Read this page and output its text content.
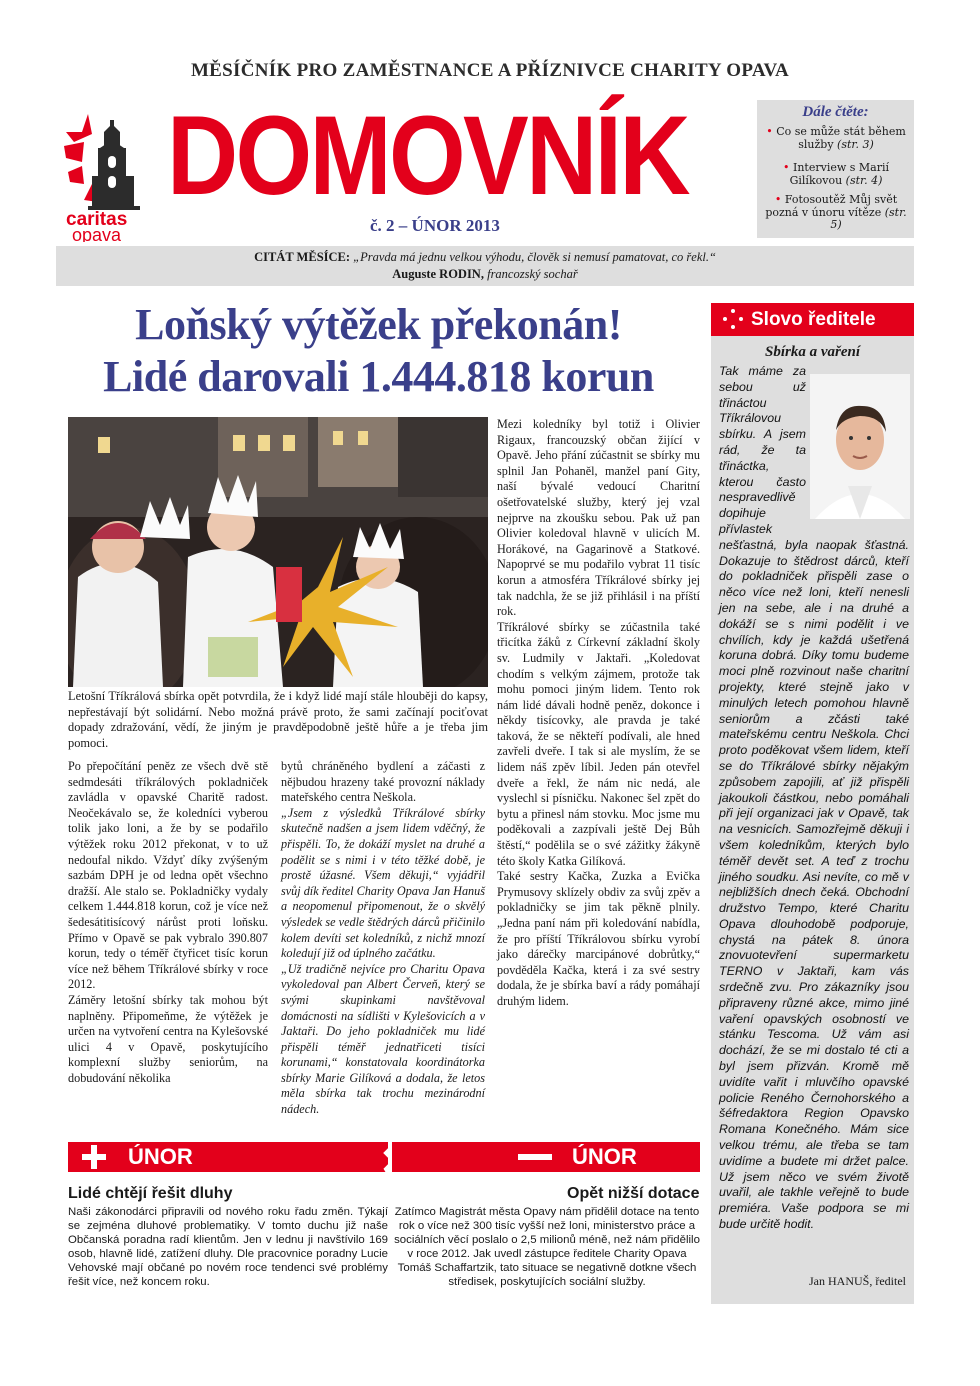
MĚSÍČNÍK PRO ZAMĚSTNANCE A PŘÍZNIVCE CHARITY OPAVA
caritas
opava
DOMOVNÍK
č. 2 – ÚNOR 2013
Dále čtěte:
• Co se může stát během služby (str. 3)
• Interview s Marií Gilíkovou (str. 4)
• Fotosoutěž Můj svět pozná v únoru vítěze (str. 5)
CITÁT MĚSÍCE: „Pravda má jednu velkou výhodu, člověk si nemusí pamatovat, co řekl.“
Auguste RODIN, francozský sochař
Loňský výtěžek překonán!
Lidé darovali 1.444.818 korun
Letošní Tříkrálová sbírka opět potvrdila, že i když lidé mají stále hlouběji do kapsy, nepřestávají být solidární. Nebo možná právě proto, že sami začínají pociťovat dopady zdražování, vědí, že jiným je pravděpodobně ještě hůře a je třeba jim pomoci.

Po přepočítání peněz ze všech dvě stě sedmdesáti tříkrálových pokladniček zavládla v opavské Charitě radost. Neočekávalo se, že koledníci vyberou tolik jako loni, a že by se podařilo výtěžek roku 2012 překonat, v to už nedoufal nikdo. Vždyť díky zvýšeným sazbám DPH je od ledna opět všechno dražší. Ale stalo se. Pokladničky vydaly celkem 1.444.818 korun, což je více než šedesátitisícový nárůst proti loňsku. Přímo v Opavě se pak vybralo 390.807 korun, tedy o téměř čtyřicet tisíc korun více než během Tříkrálové sbírky v roce 2012.

Záměry letošní sbírky tak mohou být naplněny. Připomeňme, že výtěžek je určen na vytvoření centra na Kylešovské ulici 4 v Opavě, poskytujícího komplexní služby seniorům, na dobudování několika

bytů chráněného bydlení a záčasti z nějbudou hrazeny také provozní náklady mateřského centra Neškola.

„Jsem z výsledků Tříkrálové sbírky skutečně nadšen a jsem lidem vděčný, že přispěli. To, že dokáží myslet na druhé a podělit se s nimi i v této těžké době, je prostě úžasné. Všem děkuji,“ vyjádřil svůj dík ředitel Charity Opava Jan Hanuš a neopomenul připomenout, že o skvělý výsledek se vedle štědrých dárců přičinilo kolem devíti set koledníků, z nichž mnozí koledují již od úplného začátku.

„Už tradičně nejvíce pro Charitu Opava vykoledoval pan Albert Červeň, který se svými skupinkami navštěvoval domácnosti na sídlišti v Kylešovicích a v Jaktaři. Do jeho pokladniček mu lidé přispěli téměř jednatřiceti tisíci korunami,“ konstatovala koordinátorka sbírky Marie Gilíková a dodala, že letos měla sbírka tak trochu mezinárodní nádech.

Mezi koledníky byl totiž i Olivier Rigaux, francouzský občan žijící v Opavě. Jeho přání zúčastnit se sbírky mu splnil Jan Pohaněl, manžel paní Gity, naší bývalé vedoucí Charitní ošetřovatelské služby, který jej vzal nejprve na zkoušku sebou. Pak už pan Olivier koledoval hlavně v ulicích M. Horákové, na Gagarinově a Statkové. Napoprvé se mu podařilo vybrat 11 tisíc korun a atmosféra Tříkrálové sbírky jej tak nadchla, že se již přihlásil i na příští rok.

Tříkrálové sbírky se zúčastnila také třicítka žáků z Církevní základní školy sv. Ludmily v Jaktaři. „Koledovat chodím s velkým zájmem, protože tak mohu pomoci jiným lidem. Tento rok nám lidé dávali hodně peněz, dokonce i někdy tisícovky, ale pravda je také taková, že se někteří podívali, ale hned zavřeli dveře. I tak si ale myslím, že se lidem náš zpěv líbil. Jeden pán otevřel dveře a řekl, že nám nic nedá, ale vyslechl si písničku. Nakonec šel zpět do bytu a přinesl nám stovku. Moc jsme mu poděkovali a zazpívali ještě Dej Bůh štěstí,“ podělila se o své zážitky žákyně této školy Katka Gilíková.

Také sestry Kačka, Zuzka a Evička Prymusovy sklízely obdiv za svůj zpěv a pokladničky se jim tak pěkně plnily. „Jedna paní nám při koledování nabídla, že pro příští Tříkrálovou sbírku vyrobí jako dárečky marcipánové dobrůtky,“ povděděla Kačka, která i za své sestry dodala, že je sbírka baví a rády pomáhají druhým lidem.

Slovo ředitele
Sbírka a vaření
Tak máme za sebou už třináctou Tříkrálovou sbírku. A jsem rád, že ta třináctka, kterou často nespravedlivě dopihuje přívlastek nešťastná, byla naopak šťastná. Dokazuje to štědrost dárců, kteří do pokladniček přispěli zase o něco více než loni, kteří nenesli jen na sebe, ale i na druhé a dokáží se s nimi podělit i ve chvílích, kdy je každá ušetřená koruna dobrá. Díky tomu budeme moci plně rozvinout naše charitní projekty, které stejně jako v minulých letech pomohou hlavně seniorům a zčásti také mateřskému centru Neškola. Chci proto poděkovat všem lidem, kteří se do Tříkrálové sbírky nějakým způsobem zapojili, ať již přispěli jakoukoli částkou, nebo pomáhali při její organizaci jak v Opavě, tak na vesnicích. Samozřejmě děkuji i všem koledníkům, kterých bylo téměř devět set. A teď z trochu jiného soudku. Asi nevíte, co mě v nejbližších dnech čeká. Obchodní družstvo Tempo, které Charitu Opava dlouhodobě podporuje, chystá na pátek 8. února znovuotevření supermarketu TERNO v Jaktaři, kam vás srdečně zvu. Pro zákazníky jsou připraveny různé akce, mimo jiné vaření opavských osobností ve stánku Tescoma. Už vám asi dochází, že se mi dostalo té cti a byl jsem přizván. Kromě mě uvidíte vařit i mluvčího opavské policie Reného Černohorského a šéfredaktora Region Opavsko Romana Konečného. Mám sice velkou trému, ale třeba se tam uvidíme a budete mi držet palce. Už jsem něco ve svém životě uvařil, ale takhle veřejně to bude premiéra. Vaše podpora se mi bude určitě hodit.
Jan HANUŠ, ředitel
ÚNOR	ÚNOR
Lidé chtějí řešit dluhy
Naši zákonodárci připravili od nového roku řadu změn. Týkají se zejména dluhové problematiky. V tomto duchu již naše Občanská poradna radí klientům. Jen v lednu ji navštívilo 169 osob, hlavně lidé, zatížení dluhy. Dle pracovnice poradny Lucie Vehovské mají občané po novém roce tendenci své problémy řešit více, než koncem roku.
Opět nižší dotace
Zatímco Magistrát města Opavy nám přidělil dotace na tento rok o více než 300 tisíc vyšší než loni, ministerstvo práce a sociálních věcí poslalo o 2,5 milionů méně, než nám přidělilo v roce 2012. Jak uvedl zástupce ředitele Charity Opava Tomáš Schaffartzik, tato situace se negativně dotkne všech středisek, poskytujících sociální služby.
